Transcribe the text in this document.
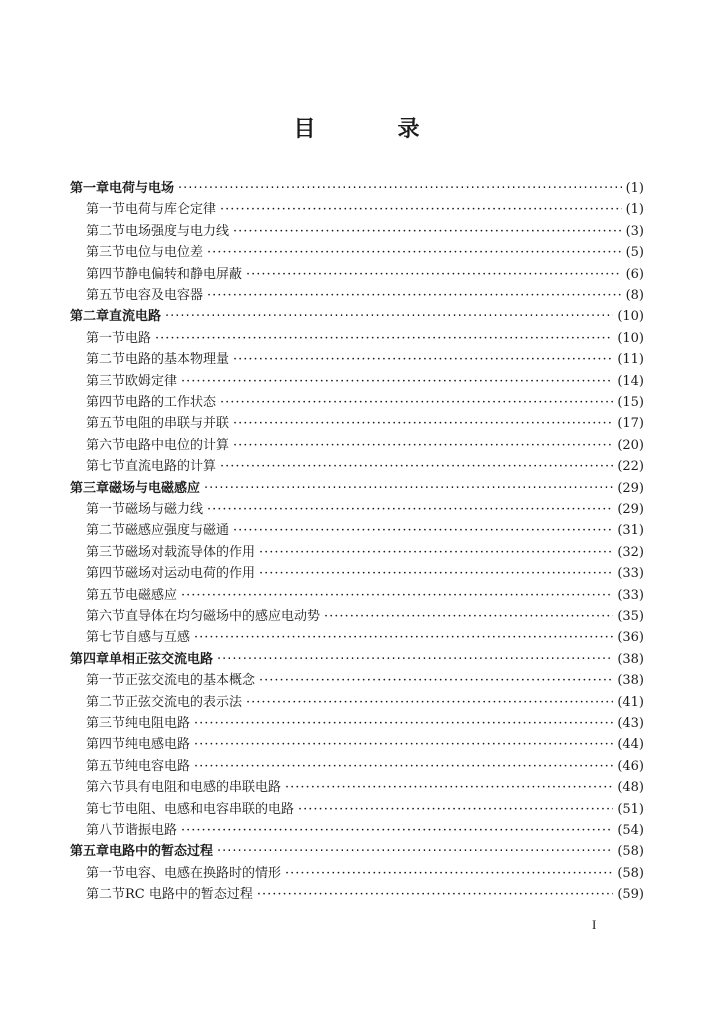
目　录
第一章 电荷与电场 ·····	(1)
第一节 电荷与库仑定律 ·····	(1)
第二节 电场强度与电力线 ·····	(3)
第三节 电位与电位差 ·····	(5)
第四节 静电偏转和静电屏蔽 ·····	(6)
第五节 电容及电容器 ·····	(8)
第二章 直流电路 ·····	(10)
第一节 电路 ·····	(10)
第二节 电路的基本物理量 ·····	(11)
第三节 欧姆定律 ·····	(14)
第四节 电路的工作状态 ·····	(15)
第五节 电阻的串联与并联 ·····	(17)
第六节 电路中电位的计算 ·····	(20)
第七节 直流电路的计算 ·····	(22)
第三章 磁场与电磁感应 ·····	(29)
第一节 磁场与磁力线 ·····	(29)
第二节 磁感应强度与磁通 ·····	(31)
第三节 磁场对载流导体的作用 ·····	(32)
第四节 磁场对运动电荷的作用 ·····	(33)
第五节 电磁感应 ·····	(33)
第六节 直导体在均匀磁场中的感应电动势 ·····	(35)
第七节 自感与互感 ·····	(36)
第四章 单相正弦交流电路 ·····	(38)
第一节 正弦交流电的基本概念 ·····	(38)
第二节 正弦交流电的表示法 ·····	(41)
第三节 纯电阻电路 ·····	(43)
第四节 纯电感电路 ·····	(44)
第五节 纯电容电路 ·····	(46)
第六节 具有电阻和电感的串联电路 ·····	(48)
第七节 电阻、电感和电容串联的电路 ·····	(51)
第八节 谐振电路 ·····	(54)
第五章 电路中的暂态过程 ·····	(58)
第一节 电容、电感在换路时的情形 ·····	(58)
第二节 RC 电路中的暂态过程 ·····	(59)
I
